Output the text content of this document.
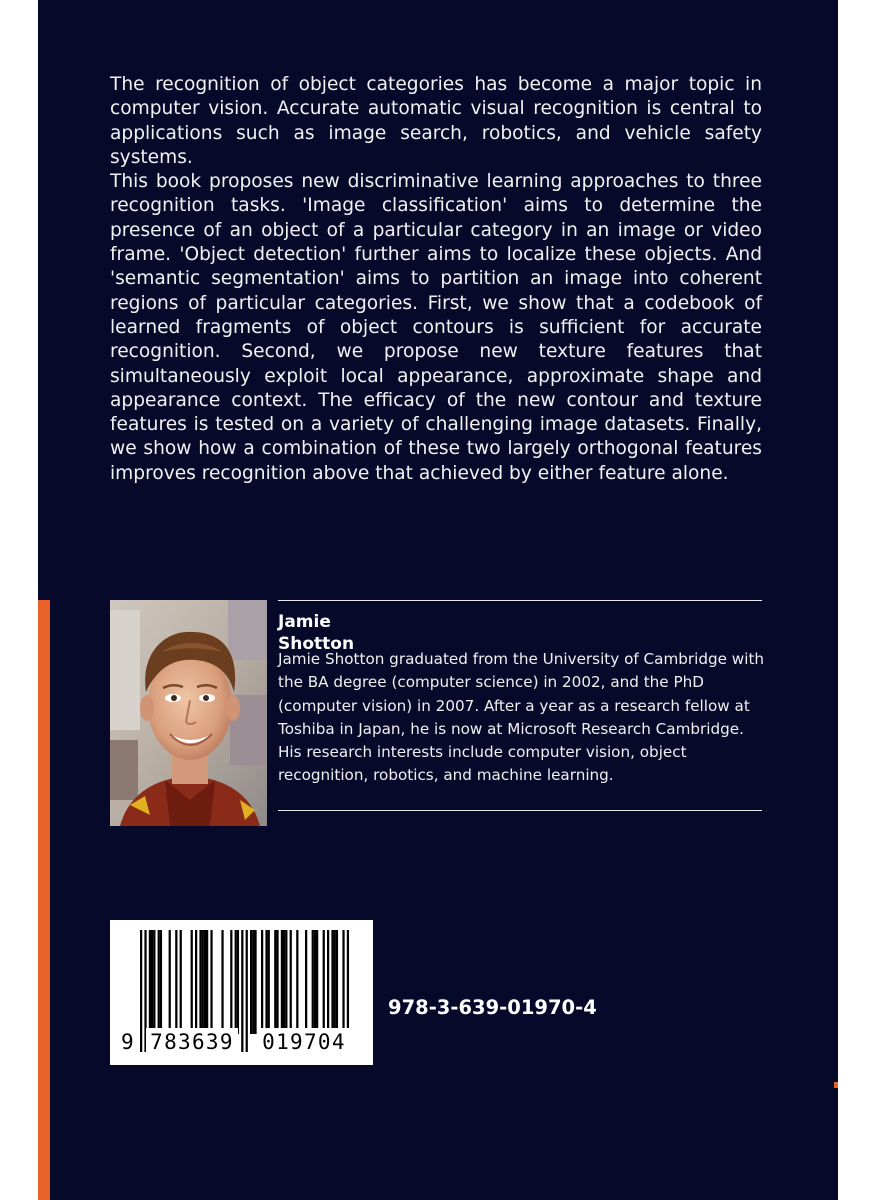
The recognition of object categories has become a major topic in computer vision. Accurate automatic visual recognition is central to applications such as image search, robotics, and vehicle safety systems.

This book proposes new discriminative learning approaches to three recognition tasks. 'Image classification' aims to determine the presence of an object of a particular category in an image or video frame. 'Object detection' further aims to localize these objects. And 'semantic segmentation' aims to partition an image into coherent regions of particular categories. First, we show that a codebook of learned fragments of object contours is sufficient for accurate recognition. Second, we propose new texture features that simultaneously exploit local appearance, approximate shape and appearance context. The efficacy of the new contour and texture features is tested on a variety of challenging image datasets. Finally, we show how a combination of these two largely orthogonal features improves recognition above that achieved by either feature alone.

Jamie Shotton
Jamie Shotton graduated from the University of Cambridge with the BA degree (computer science) in 2002, and the PhD (computer vision) in 2007. After a year as a research fellow at Toshiba in Japan, he is now at Microsoft Research Cambridge. His research interests include computer vision, object recognition, robotics, and machine learning.
9 783639 019704
978-3-639-01970-4
